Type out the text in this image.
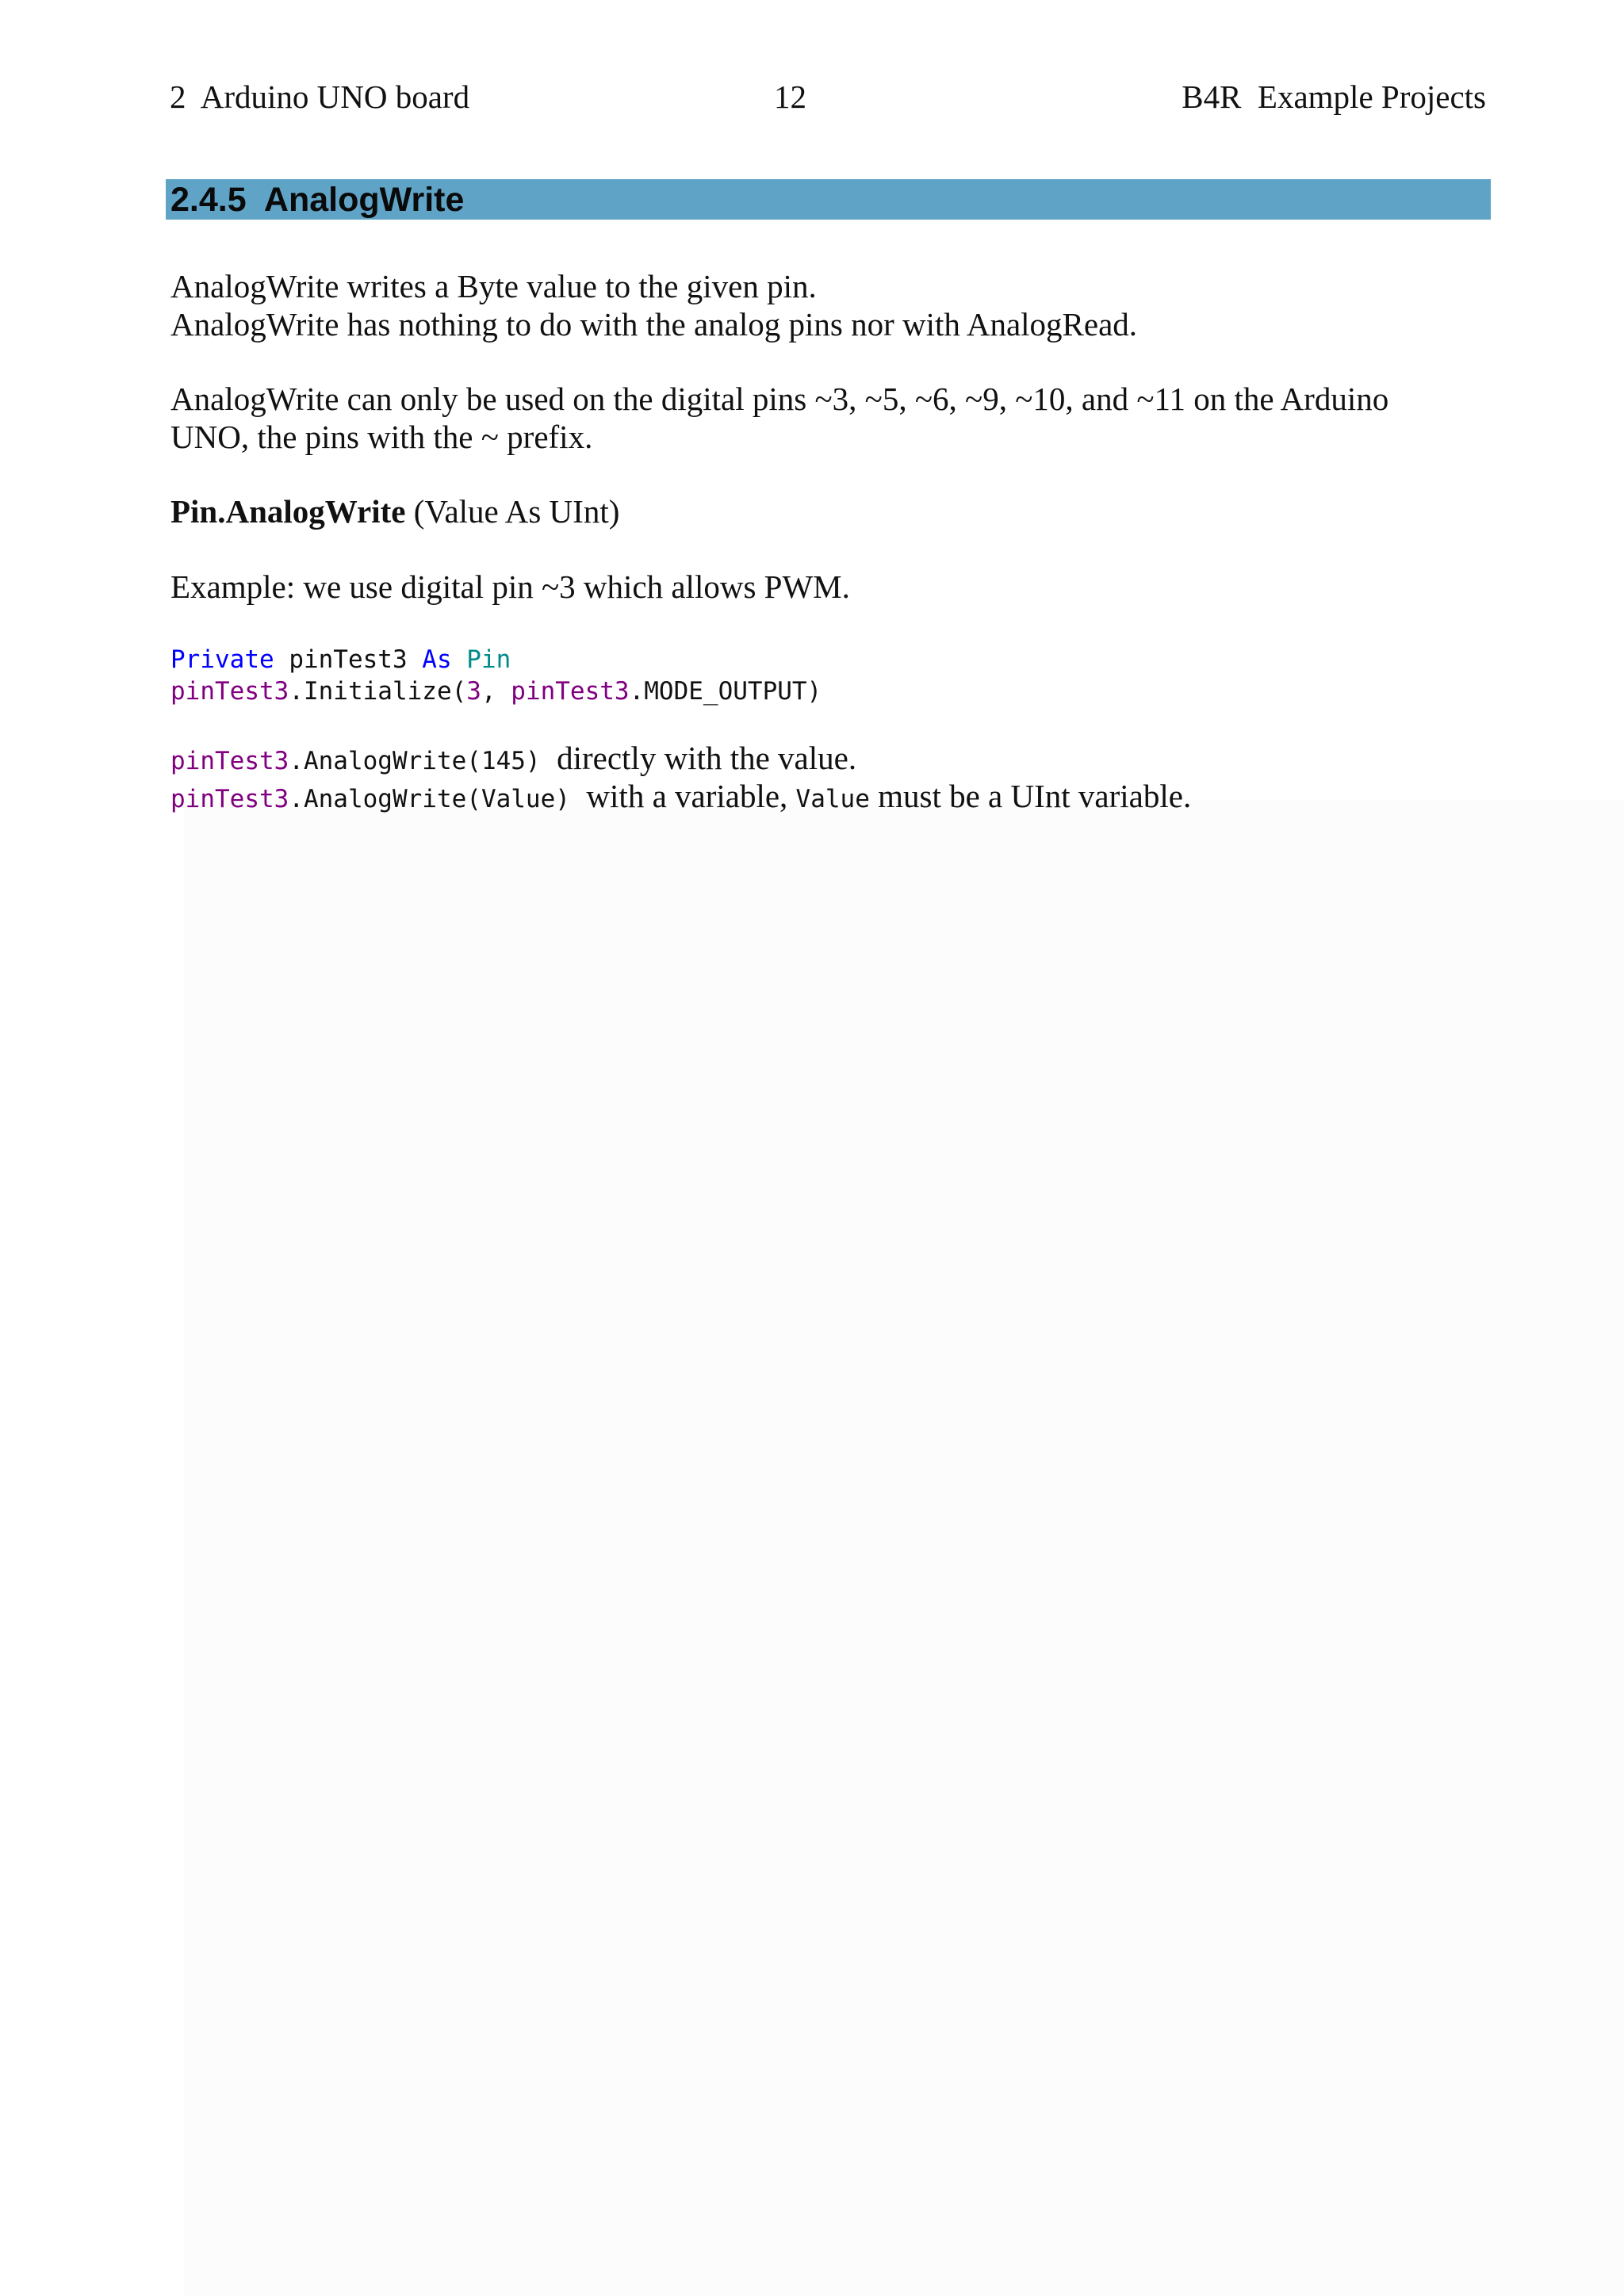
2  Arduino UNO board	12	B4R  Example Projects
2.4.5  AnalogWrite

AnalogWrite writes a Byte value to the given pin.

AnalogWrite has nothing to do with the analog pins nor with AnalogRead.

AnalogWrite can only be used on the digital pins ~3, ~5, ~6, ~9, ~10, and ~11 on the Arduino

UNO, the pins with the ~ prefix.

Pin.AnalogWrite (Value As UInt)

Example: we use digital pin ~3 which allows PWM.

Private pinTest3 As Pin
pinTest3.Initialize(3, pinTest3.MODE_OUTPUT)
pinTest3.AnalogWrite(145)  directly with the value.
pinTest3.AnalogWrite(Value)  with a variable, Value must be a UInt variable.
